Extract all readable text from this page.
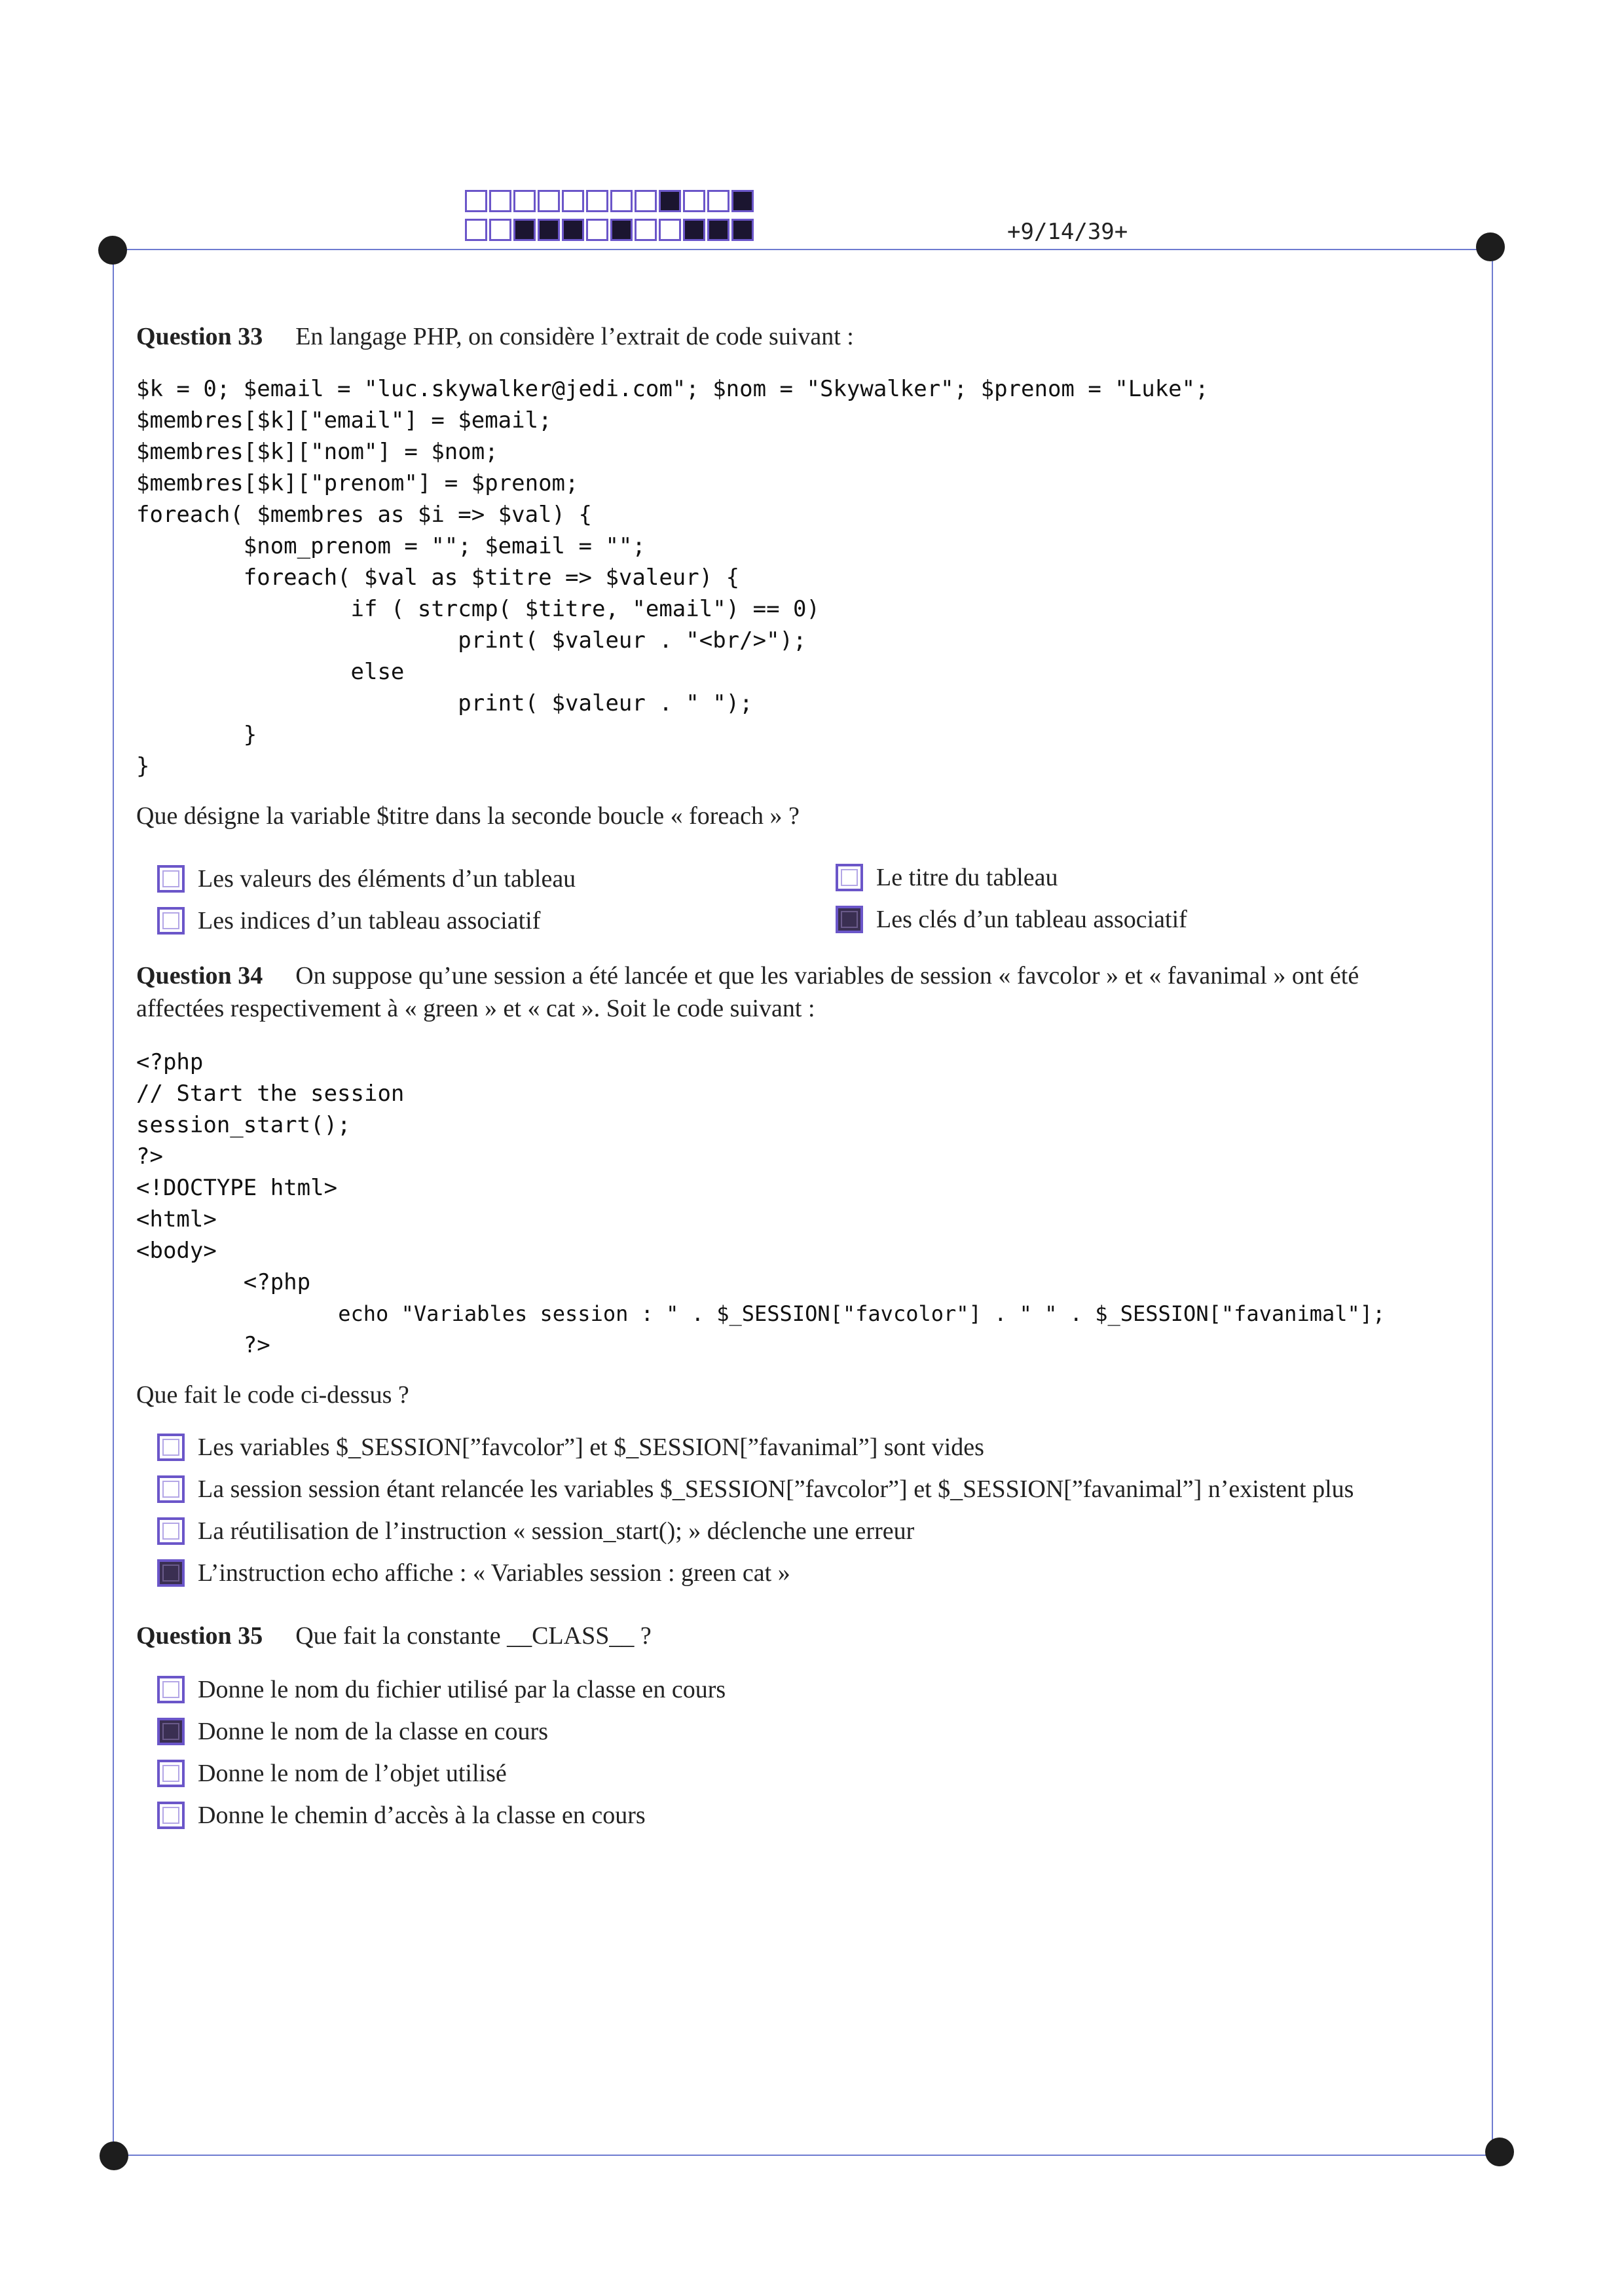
+9/14/39+
Question 33 En langage PHP, on considère l’extrait de code suivant :
$k = 0; $email = "luc.skywalker@jedi.com"; $nom = "Skywalker"; $prenom = "Luke";
$membres[$k]["email"] = $email;
$membres[$k]["nom"] = $nom;
$membres[$k]["prenom"] = $prenom;
foreach( $membres as $i => $val) {
$nom_prenom = ""; $email = "";
foreach( $val as $titre => $valeur) {
if ( strcmp( $titre, "email") == 0)
print( $valeur . "<br/>");
else
print( $valeur . " ");
}
}
Que désigne la variable $titre dans la seconde boucle « foreach » ?
Les valeurs des éléments d’un tableau	Le titre du tableau
Les indices d’un tableau associatif	Les clés d’un tableau associatif
Question 34 On suppose qu’une session a été lancée et que les variables de session « favcolor » et « favanimal » ont été
affectées respectivement à « green » et « cat ». Soit le code suivant :
<?php
// Start the session
session_start();
?>
<!DOCTYPE html>
<html>
<body>
<?php
echo "Variables session : " . $_SESSION["favcolor"] . " " . $_SESSION["favanimal"];
?>
Que fait le code ci-dessus ?
Les variables $_SESSION[”favcolor”] et $_SESSION[”favanimal”] sont vides
La session session étant relancée les variables $_SESSION[”favcolor”] et $_SESSION[”favanimal”] n’existent plus
La réutilisation de l’instruction « session_start(); » déclenche une erreur
L’instruction echo affiche : « Variables session : green cat »
Question 35 Que fait la constante __CLASS__ ?
Donne le nom du fichier utilisé par la classe en cours
Donne le nom de la classe en cours
Donne le nom de l’objet utilisé
Donne le chemin d’accès à la classe en cours
